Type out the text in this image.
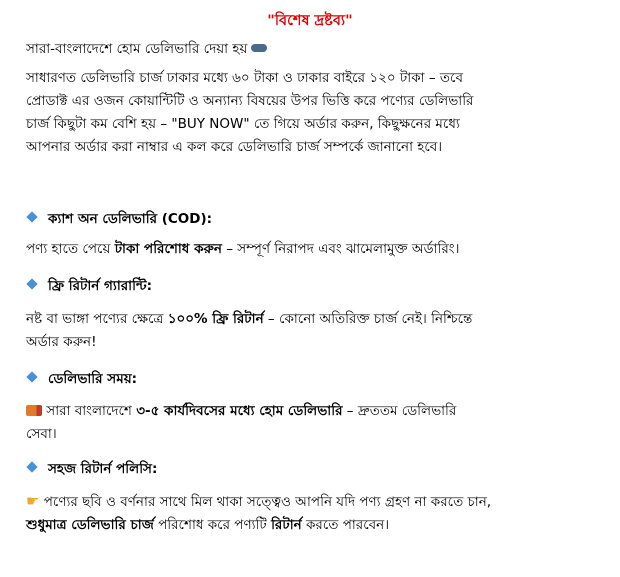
"বিশেষ দ্রষ্টব্য"
সারা-বাংলাদেশে হোম ডেলিভারি দেয়া হয়
সাধারণত ডেলিভারি চার্জ ঢাকার মধ্যে ৬০ টাকা ও ঢাকার বাইরে ১২০ টাকা – তবে
প্রোডাক্ট এর ওজন কোয়ান্টিটি ও অন্যান্য বিষয়ের উপর ভিত্তি করে পণ্যের ডেলিভারি
চার্জ কিছুটা কম বেশি হয় – "BUY NOW" তে গিয়ে অর্ডার করুন, কিছুক্ষনের মধ্যে
আপনার অর্ডার করা নাম্বার এ কল করে ডেলিভারি চার্জ সম্পর্কে জানানো হবে।
ক্যাশ অন ডেলিভারি (COD):
পণ্য হাতে পেয়ে টাকা পরিশোধ করুন – সম্পূর্ণ নিরাপদ এবং ঝামেলামুক্ত অর্ডারিং।
ফ্রি রিটার্ন গ্যারান্টি:
নষ্ট বা ভাঙ্গা পণ্যের ক্ষেত্রে ১০০% ফ্রি রিটার্ন – কোনো অতিরিক্ত চার্জ নেই। নিশ্চিন্তে
অর্ডার করুন!
ডেলিভারি সময়:
সারা বাংলাদেশে ৩-৫ কার্যদিবসের মধ্যে হোম ডেলিভারি – দ্রুততম ডেলিভারি
সেবা।
সহজ রিটার্ন পলিসি:
☛ পণ্যের ছবি ও বর্ণনার সাথে মিল থাকা সত্ত্বেও আপনি যদি পণ্য গ্রহণ না করতে চান,
শুধুমাত্র ডেলিভারি চার্জ পরিশোধ করে পণ্যটি রিটার্ন করতে পারবেন।
